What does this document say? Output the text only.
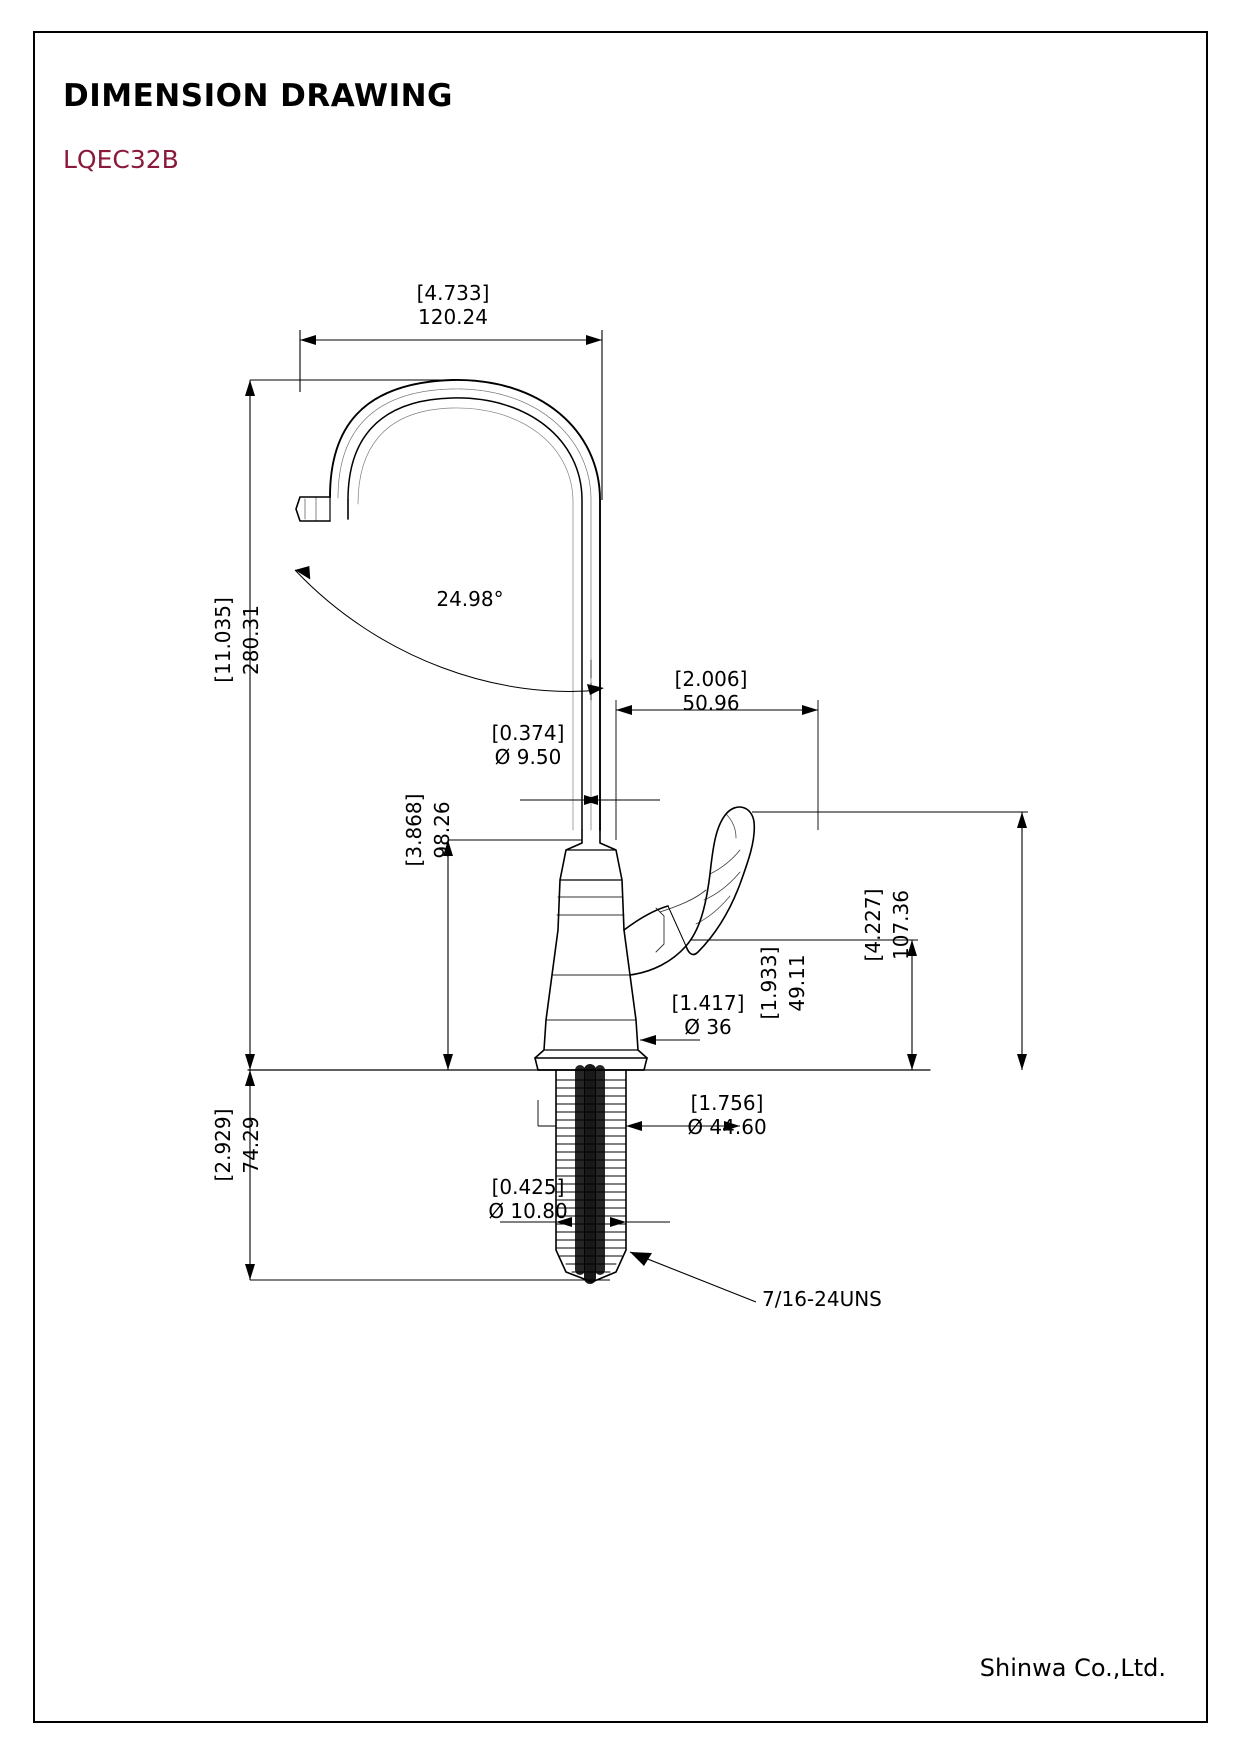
DIMENSION DRAWING
LQEC32B
[4.733]
120.24
[11.035] 280.31
24.98°
[2.006]
50.96
[0.374]
Ø 9.50
[3.868] 98.26
[4.227] 107.36
[1.933] 49.11
[1.417]
Ø 36
[1.756]
Ø 44.60
[0.425]
Ø 10.80
[2.929] 74.29
7/16-24UNS
Shinwa Co.,Ltd.
